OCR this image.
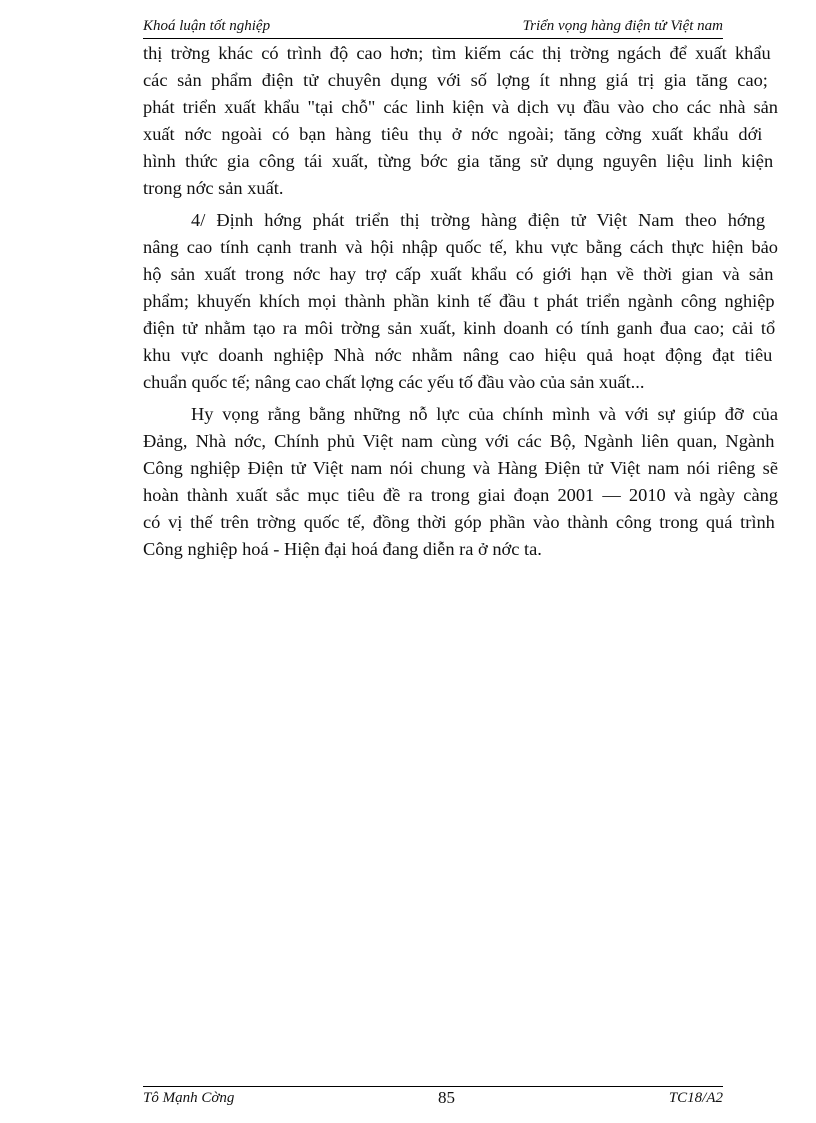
Khoá luận tốt nghiệp	Triển vọng hàng điện tử Việt nam
thị trờng khác có trình độ cao hơn; tìm kiếm các thị trờng ngách để xuất khẩu
các sản phẩm điện tử chuyên dụng với số lợng ít nhng giá trị gia tăng cao;
phát triển xuất khẩu "tại chỗ" các linh kiện và dịch vụ đầu vào cho các nhà sản
xuất nớc ngoài có bạn hàng tiêu thụ ở nớc ngoài; tăng cờng xuất khẩu dới
hình thức gia công tái xuất, từng bớc gia tăng sử dụng nguyên liệu linh kiện
trong nớc sản xuất.
4/ Định hớng phát triển thị trờng hàng điện tử Việt Nam theo hớng
nâng cao tính cạnh tranh và hội nhập quốc tế, khu vực bằng cách thực hiện bảo
hộ sản xuất trong nớc hay trợ cấp xuất khẩu có giới hạn về thời gian và sản
phẩm; khuyến khích mọi thành phần kinh tế đầu t phát triển ngành công nghiệp
điện tử nhằm tạo ra môi trờng sản xuất, kinh doanh có tính ganh đua cao; cải tổ
khu vực doanh nghiệp Nhà nớc nhằm nâng cao hiệu quả hoạt động đạt tiêu
chuẩn quốc tế; nâng cao chất lợng các yếu tố đầu vào của sản xuất...
Hy vọng rằng bằng những nỗ lực của chính mình và với sự giúp đỡ của
Đảng, Nhà nớc, Chính phủ Việt nam cùng với các Bộ, Ngành liên quan, Ngành
Công nghiệp Điện tử Việt nam nói chung và Hàng Điện tử Việt nam nói riêng sẽ
hoàn thành xuất sắc mục tiêu đề ra trong giai đoạn 2001 — 2010 và ngày càng
có vị thế trên trờng quốc tế, đồng thời góp phần vào thành công trong quá trình
Công nghiệp hoá - Hiện đại hoá đang diễn ra ở nớc ta.
Tô Mạnh Cờng	85	TC18/A2
